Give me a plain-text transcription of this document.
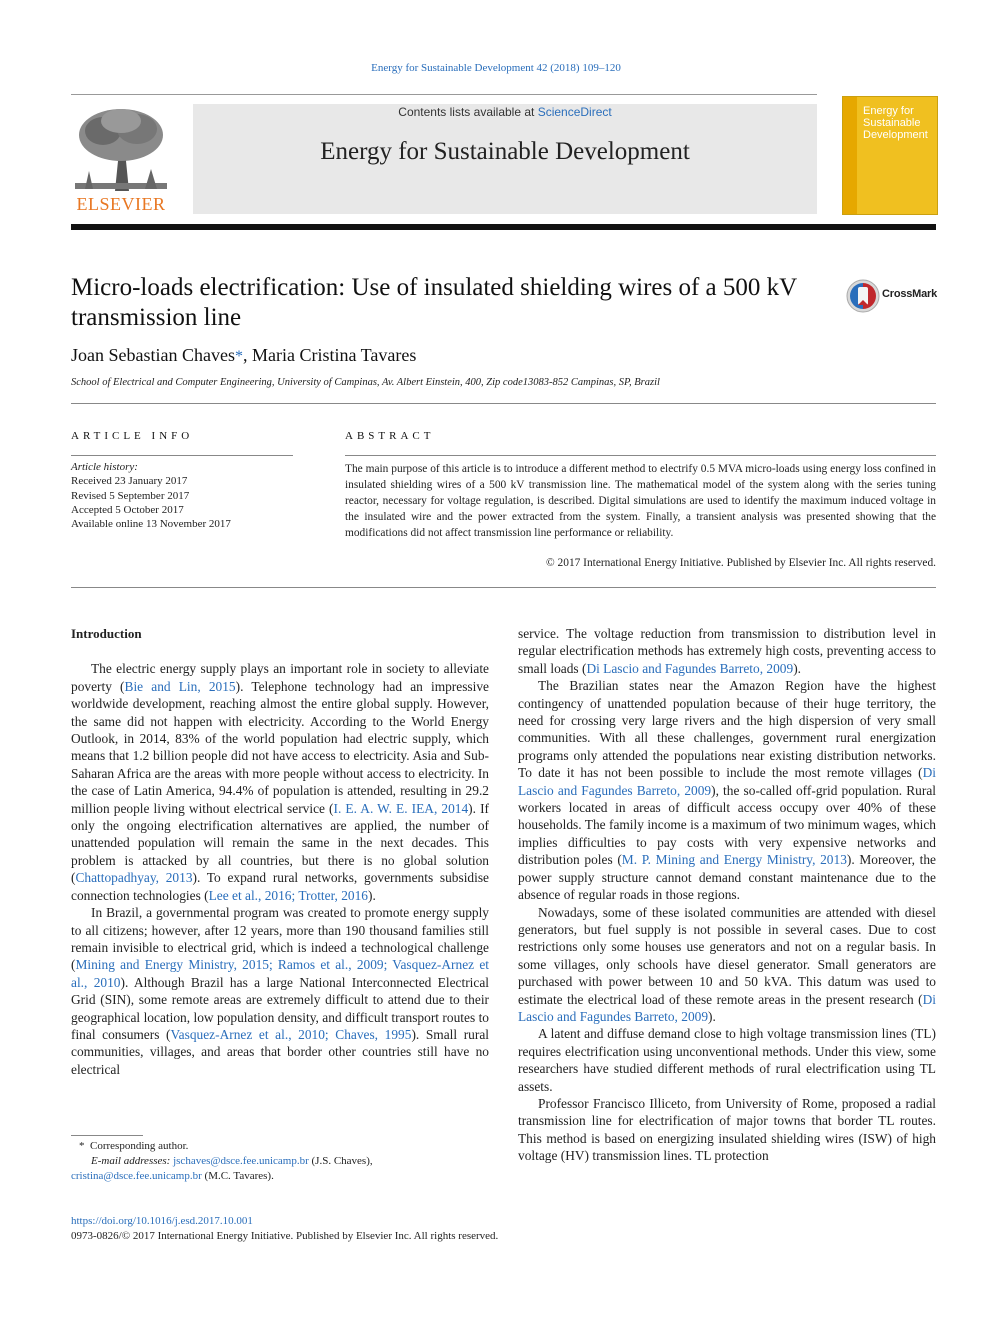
Energy for Sustainable Development 42 (2018) 109–120
Contents lists available at ScienceDirect
Energy for Sustainable Development
ELSEVIER
Energy for Sustainable Development
Micro-loads electrification: Use of insulated shielding wires of a 500 kV transmission line
CrossMark
Joan Sebastian Chaves*, Maria Cristina Tavares
School of Electrical and Computer Engineering, University of Campinas, Av. Albert Einstein, 400, Zip code13083-852 Campinas, SP, Brazil
ARTICLE INFO
Article history:
Received 23 January 2017
Revised 5 September 2017
Accepted 5 October 2017
Available online 13 November 2017
ABSTRACT
The main purpose of this article is to introduce a different method to electrify 0.5 MVA micro-loads using energy loss confined in insulated shielding wires of a 500 kV transmission line. The mathematical model of the system along with the series tuning reactor, necessary for voltage regulation, is described. Digital simulations are used to identify the maximum induced voltage in the insulated wire and the power extracted from the system. Finally, a transient analysis was presented showing that the modifications did not affect transmission line performance or reliability.
© 2017 International Energy Initiative. Published by Elsevier Inc. All rights reserved.

Introduction

The electric energy supply plays an important role in society to alleviate poverty (Bie and Lin, 2015). Telephone technology had an impressive worldwide development, reaching almost the entire global supply. However, the same did not happen with electricity. According to the World Energy Outlook, in 2014, 83% of the world population had electric supply, which means that 1.2 billion people did not have access to electricity. Asia and Sub-Saharan Africa are the areas with more people without access to electricity. In the case of Latin America, 94.4% of population is attended, resulting in 29.2 million people living without electrical service (I. E. A. W. E. IEA, 2014). If only the ongoing electrification alternatives are applied, the number of unattended population will remain the same in the next decades. This problem is attacked by all countries, but there is no global solution (Chattopadhyay, 2013). To expand rural networks, governments subsidise connection technologies (Lee et al., 2016; Trotter, 2016).

In Brazil, a governmental program was created to promote energy supply to all citizens; however, after 12 years, more than 190 thousand families still remain invisible to electrical grid, which is indeed a technological challenge (Mining and Energy Ministry, 2015; Ramos et al., 2009; Vasquez-Arnez et al., 2010). Although Brazil has a large National Interconnected Electrical Grid (SIN), some remote areas are extremely difficult to attend due to their geographical location, low population density, and difficult transport routes to final consumers (Vasquez-Arnez et al., 2010; Chaves, 1995). Small rural communities, villages, and areas that border other countries still have no electrical

service. The voltage reduction from transmission to distribution level in regular electrification methods has extremely high costs, preventing access to small loads (Di Lascio and Fagundes Barreto, 2009).

The Brazilian states near the Amazon Region have the highest contingency of unattended population because of their huge territory, the need for crossing very large rivers and the high dispersion of very small communities. With all these challenges, government rural energization programs only attended the populations near existing distribution networks. To date it has not been possible to include the most remote villages (Di Lascio and Fagundes Barreto, 2009), the so-called off-grid population. Rural workers located in areas of difficult access occupy over 40% of these households. The family income is a maximum of two minimum wages, which implies difficulties to pay costs with very expensive networks and distribution poles (M. P. Mining and Energy Ministry, 2013). Moreover, the power supply structure cannot demand constant maintenance due to the absence of regular roads in those regions.

Nowadays, some of these isolated communities are attended with diesel generators, but fuel supply is not possible in several cases. Due to cost restrictions only some houses use generators and not on a regular basis. In some villages, only schools have diesel generator. Small generators are purchased with power between 10 and 50 kVA. This datum was used to estimate the electrical load of these remote areas in the present research (Di Lascio and Fagundes Barreto, 2009).

A latent and diffuse demand close to high voltage transmission lines (TL) requires electrification using unconventional methods. Under this view, some researchers have studied different methods of rural electrification using TL assets.

Professor Francisco Illiceto, from University of Rome, proposed a radial transmission line for electrification of major towns that border TL routes. This method is based on energizing insulated shielding wires (ISW) of high voltage (HV) transmission lines. TL protection

* Corresponding author.
E-mail addresses: jschaves@dsce.fee.unicamp.br (J.S. Chaves),
cristina@dsce.fee.unicamp.br (M.C. Tavares).
https://doi.org/10.1016/j.esd.2017.10.001
0973-0826/© 2017 International Energy Initiative. Published by Elsevier Inc. All rights reserved.
